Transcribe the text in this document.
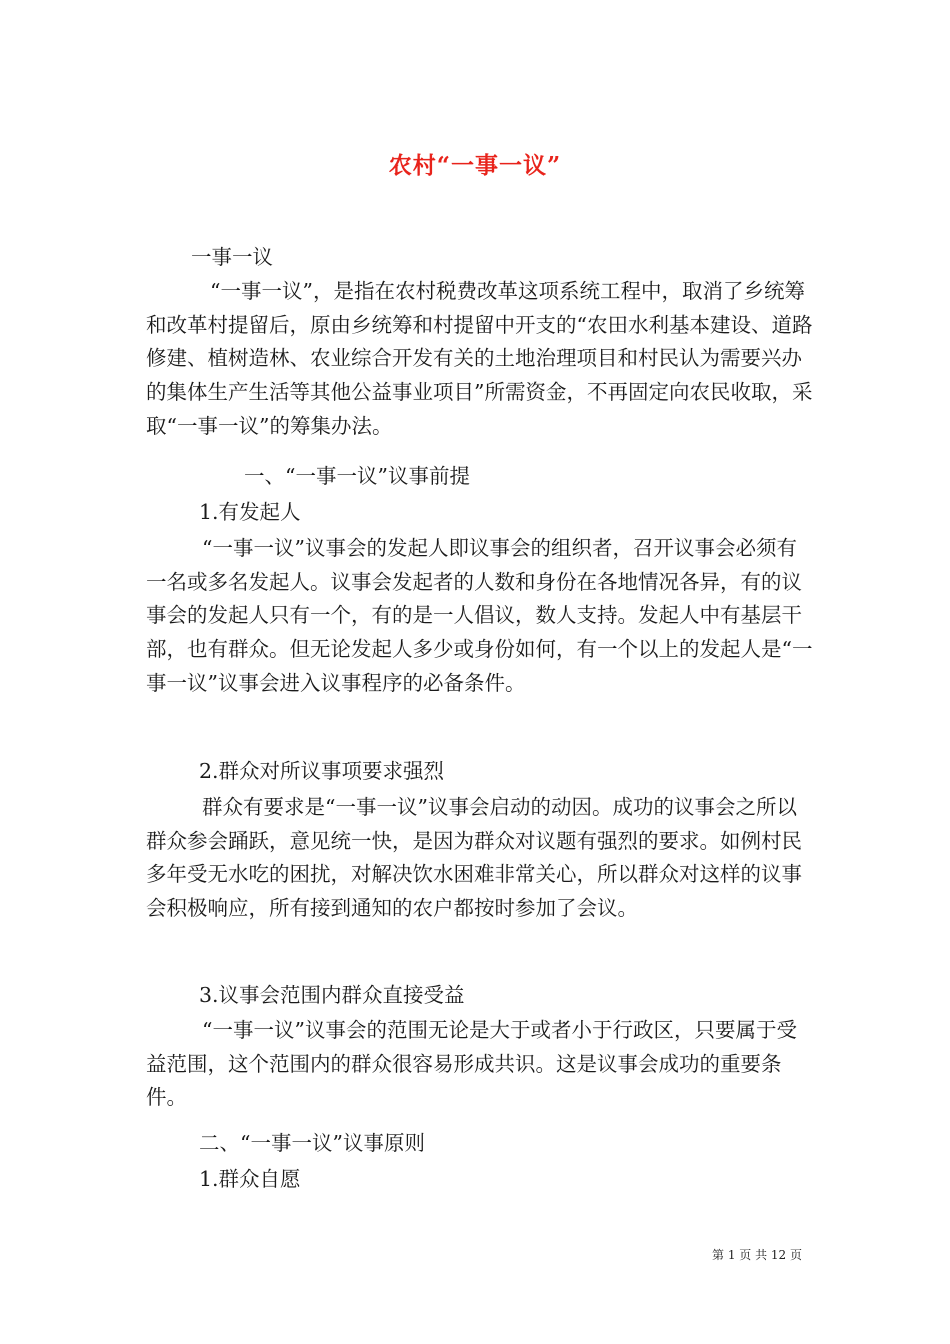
农村“一事一议”

一事一议

“一事一议”，是指在农村税费改革这项系统工程中，取消了乡统筹和改革村提留后，原由乡统筹和村提留中开支的“农田水利基本建设、道路修建、植树造林、农业综合开发有关的土地治理项目和村民认为需要兴办的集体生产生活等其他公益事业项目”所需资金，不再固定向农民收取，采取“一事一议”的筹集办法。

一、“一事一议”议事前提

1.有发起人

“一事一议”议事会的发起人即议事会的组织者，召开议事会必须有一名或多名发起人。议事会发起者的人数和身份在各地情况各异，有的议事会的发起人只有一个，有的是一人倡议，数人支持。发起人中有基层干部，也有群众。但无论发起人多少或身份如何，有一个以上的发起人是“一事一议”议事会进入议事程序的必备条件。

2.群众对所议事项要求强烈

群众有要求是“一事一议”议事会启动的动因。成功的议事会之所以群众参会踊跃，意见统一快，是因为群众对议题有强烈的要求。如例村民多年受无水吃的困扰，对解决饮水困难非常关心，所以群众对这样的议事会积极响应，所有接到通知的农户都按时参加了会议。

3.议事会范围内群众直接受益

“一事一议”议事会的范围无论是大于或者小于行政区，只要属于受益范围，这个范围内的群众很容易形成共识。这是议事会成功的重要条件。

二、“一事一议”议事原则

1.群众自愿

第 1 页 共 12 页
